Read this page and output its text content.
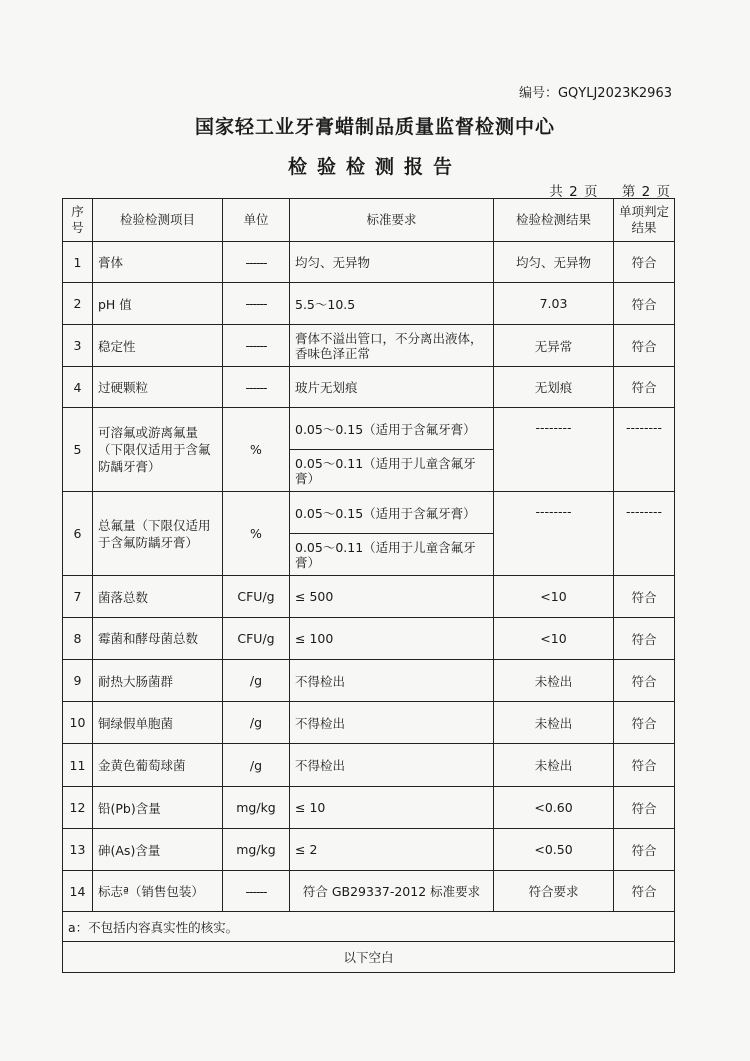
编号：GQYLJ2023K2963
国家轻工业牙膏蜡制品质量监督检测中心
检验检测报告
共 2 页 第 2 页
序号	检验检测项目	单位	标准要求	检验检测结果	单项判定结果
1	膏体	------	均匀、无异物	均匀、无异物	符合
2	pH 值	------	5.5～10.5	7.03	符合
3	稳定性	------	膏体不溢出管口，不分离出液体，香味色泽正常	无异常	符合
4	过硬颗粒	------	玻片无划痕	无划痕	符合
5	可溶氟或游离氟量（下限仅适用于含氟防龋牙膏）	%	0.05～0.15（适用于含氟牙膏）	--------	--------
			0.05～0.11（适用于儿童含氟牙膏）		
6	总氟量（下限仅适用于含氟防龋牙膏）	%	0.05～0.15（适用于含氟牙膏）	--------	--------
			0.05～0.11（适用于儿童含氟牙膏）		
7	菌落总数	CFU/g	≤ 500	<10	符合
8	霉菌和酵母菌总数	CFU/g	≤ 100	<10	符合
9	耐热大肠菌群	/g	不得检出	未检出	符合
10	铜绿假单胞菌	/g	不得检出	未检出	符合
11	金黄色葡萄球菌	/g	不得检出	未检出	符合
12	铅(Pb)含量	mg/kg	≤ 10	<0.60	符合
13	砷(As)含量	mg/kg	≤ 2	<0.50	符合
14	标志ª（销售包装）	------	符合 GB29337-2012 标准要求	符合要求	符合
a：不包括内容真实性的核实。					
以下空白					
